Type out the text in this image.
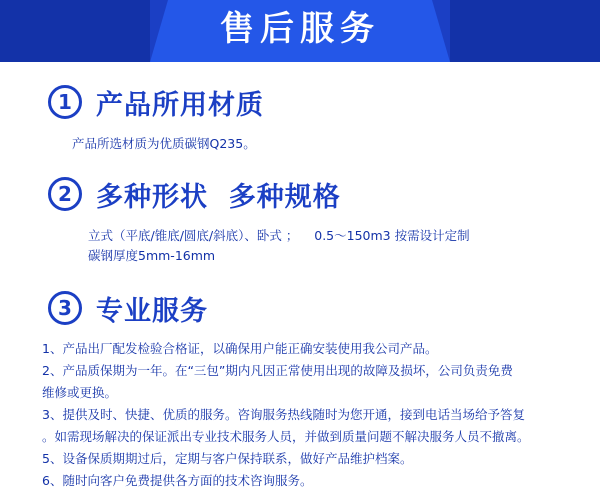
售后服务
1 产品所用材质
产品所选材质为优质碳钢Q235。
2 多种形状  多种规格
立式（平底/锥底/圆底/斜底）、卧式 ；    0.5～150m3 按需设计定制
碳钢厚度5mm-16mm
3 专业服务
1、产品出厂配发检验合格证，以确保用户能正确安装使用我公司产品。
2、产品质保期为一年。在“三包”期内凡因正常使用出现的故障及损坏，公司负责免费
维修或更换。
3、提供及时、快捷、优质的服务。咨询服务热线随时为您开通，接到电话当场给予答复
。如需现场解决的保证派出专业技术服务人员，并做到质量问题不解决服务人员不撤离。
5、设备保质期期过后，定期与客户保持联系，做好产品维护档案。
6、随时向客户免费提供各方面的技术咨询服务。
